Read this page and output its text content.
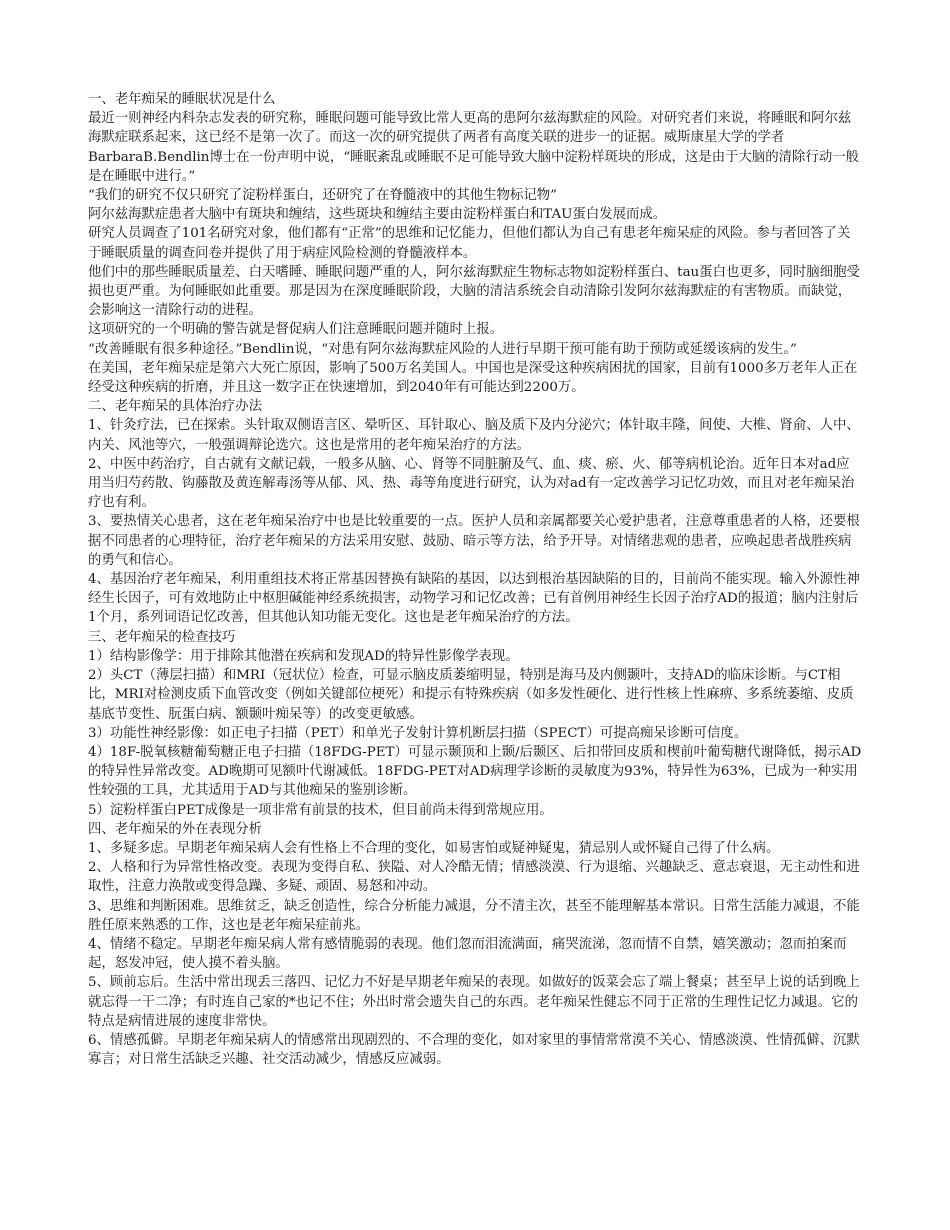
一、老年痴呆的睡眠状况是什么

最近一则神经内科杂志发表的研究称，睡眠问题可能导致比常人更高的患阿尔兹海默症的风险。对研究者们来说，将睡眠和阿尔兹海默症联系起来，这已经不是第一次了。而这一次的研究提供了两者有高度关联的进步一的证据。威斯康星大学的学者BarbaraB.Bendlin博士在一份声明中说，“睡眠紊乱或睡眠不足可能导致大脑中淀粉样斑块的形成，这是由于大脑的清除行动一般是在睡眠中进行。”

“我们的研究不仅只研究了淀粉样蛋白，还研究了在脊髓液中的其他生物标记物”

阿尔兹海默症患者大脑中有斑块和缠结，这些斑块和缠结主要由淀粉样蛋白和TAU蛋白发展而成。

研究人员调查了101名研究对象，他们都有“正常”的思维和记忆能力，但他们都认为自己有患老年痴呆症的风险。参与者回答了关于睡眠质量的调查问卷并提供了用于病症风险检测的脊髓液样本。

他们中的那些睡眠质量差、白天嗜睡、睡眠问题严重的人，阿尔兹海默症生物标志物如淀粉样蛋白、tau蛋白也更多，同时脑细胞受损也更严重。为何睡眠如此重要。那是因为在深度睡眠阶段，大脑的清洁系统会自动清除引发阿尔兹海默症的有害物质。而缺觉，会影响这一清除行动的进程。

这项研究的一个明确的警告就是督促病人们注意睡眠问题并随时上报。

“改善睡眠有很多种途径。”Bendlin说，“对患有阿尔兹海默症风险的人进行早期干预可能有助于预防或延缓该病的发生。”

在美国，老年痴呆症是第六大死亡原因，影响了500万名美国人。中国也是深受这种疾病困扰的国家，目前有1000多万老年人正在经受这种疾病的折磨，并且这一数字正在快速增加，到2040年有可能达到2200万。

二、老年痴呆的具体治疗办法

1、针灸疗法，已在探索。头针取双侧语言区、晕听区、耳针取心、脑及质下及内分泌穴；体针取丰隆，间使、大椎、肾俞、人中、内关、风池等穴，一般强调辩论选穴。这也是常用的老年痴呆治疗的方法。

2、中医中药治疗，自古就有文献记载，一般多从脑、心、肾等不同脏腑及气、血、痰、瘀、火、郁等病机论治。近年日本对ad应用当归芍药散、钩藤散及黄连解毒汤等从郁、风、热、毒等角度进行研究，认为对ad有一定改善学习记忆功效，而且对老年痴呆治疗也有利。

3、要热情关心患者，这在老年痴呆治疗中也是比较重要的一点。医护人员和亲属都要关心爱护患者，注意尊重患者的人格，还要根据不同患者的心理特征，治疗老年痴呆的方法采用安慰、鼓励、暗示等方法，给予开导。对情绪悲观的患者，应唤起患者战胜疾病的勇气和信心。

4、基因治疗老年痴呆，利用重组技术将正常基因替换有缺陷的基因，以达到根治基因缺陷的目的，目前尚不能实现。输入外源性神经生长因子，可有效地防止中枢胆碱能神经系统损害，动物学习和记忆改善；已有首例用神经生长因子治疗AD的报道；脑内注射后1个月，系列词语记忆改善，但其他认知功能无变化。这也是老年痴呆治疗的方法。

三、老年痴呆的检查技巧

1）结构影像学：用于排除其他潜在疾病和发现AD的特异性影像学表现。

2）头CT（薄层扫描）和MRI（冠状位）检查，可显示脑皮质萎缩明显，特别是海马及内侧颞叶，支持AD的临床诊断。与CT相比，MRI对检测皮质下血管改变（例如关键部位梗死）和提示有特殊疾病（如多发性硬化、进行性核上性麻痹、多系统萎缩、皮质基底节变性、朊蛋白病、额颞叶痴呆等）的改变更敏感。

3）功能性神经影像：如正电子扫描（PET）和单光子发射计算机断层扫描（SPECT）可提高痴呆诊断可信度。

4）18F-脱氧核糖葡萄糖正电子扫描（18FDG-PET）可显示颞顶和上颞/后颞区、后扣带回皮质和楔前叶葡萄糖代谢降低，揭示AD的特异性异常改变。AD晚期可见额叶代谢减低。18FDG-PET对AD病理学诊断的灵敏度为93%，特异性为63%，已成为一种实用性较强的工具，尤其适用于AD与其他痴呆的鉴别诊断。

5）淀粉样蛋白PET成像是一项非常有前景的技术，但目前尚未得到常规应用。

四、老年痴呆的外在表现分析

1、多疑多虑。早期老年痴呆病人会有性格上不合理的变化，如易害怕或疑神疑鬼，猜忌别人或怀疑自己得了什么病。

2、人格和行为异常性格改变。表现为变得自私、狭隘、对人冷酷无情；情感淡漠、行为退缩、兴趣缺乏、意志衰退，无主动性和进取性，注意力涣散或变得急躁、多疑、顽固、易怒和冲动。

3、思维和判断困难。思维贫乏，缺乏创造性，综合分析能力减退，分不清主次，甚至不能理解基本常识。日常生活能力减退，不能胜任原来熟悉的工作，这也是老年痴呆症前兆。

4、情绪不稳定。早期老年痴呆病人常有感情脆弱的表现。他们忽而泪流满面，痛哭流涕，忽而情不自禁，嬉笑激动；忽而拍案而起，怒发冲冠，使人摸不着头脑。

5、顾前忘后。生活中常出现丢三落四、记忆力不好是早期老年痴呆的表现。如做好的饭菜会忘了端上餐桌；甚至早上说的话到晚上就忘得一干二净；有时连自己家的*也记不住；外出时常会遗失自己的东西。老年痴呆性健忘不同于正常的生理性记忆力减退。它的特点是病情进展的速度非常快。

6、情感孤僻。早期老年痴呆病人的情感常出现剧烈的、不合理的变化，如对家里的事情常常漠不关心、情感淡漠、性情孤僻、沉默寡言；对日常生活缺乏兴趣、社交活动减少，情感反应减弱。
